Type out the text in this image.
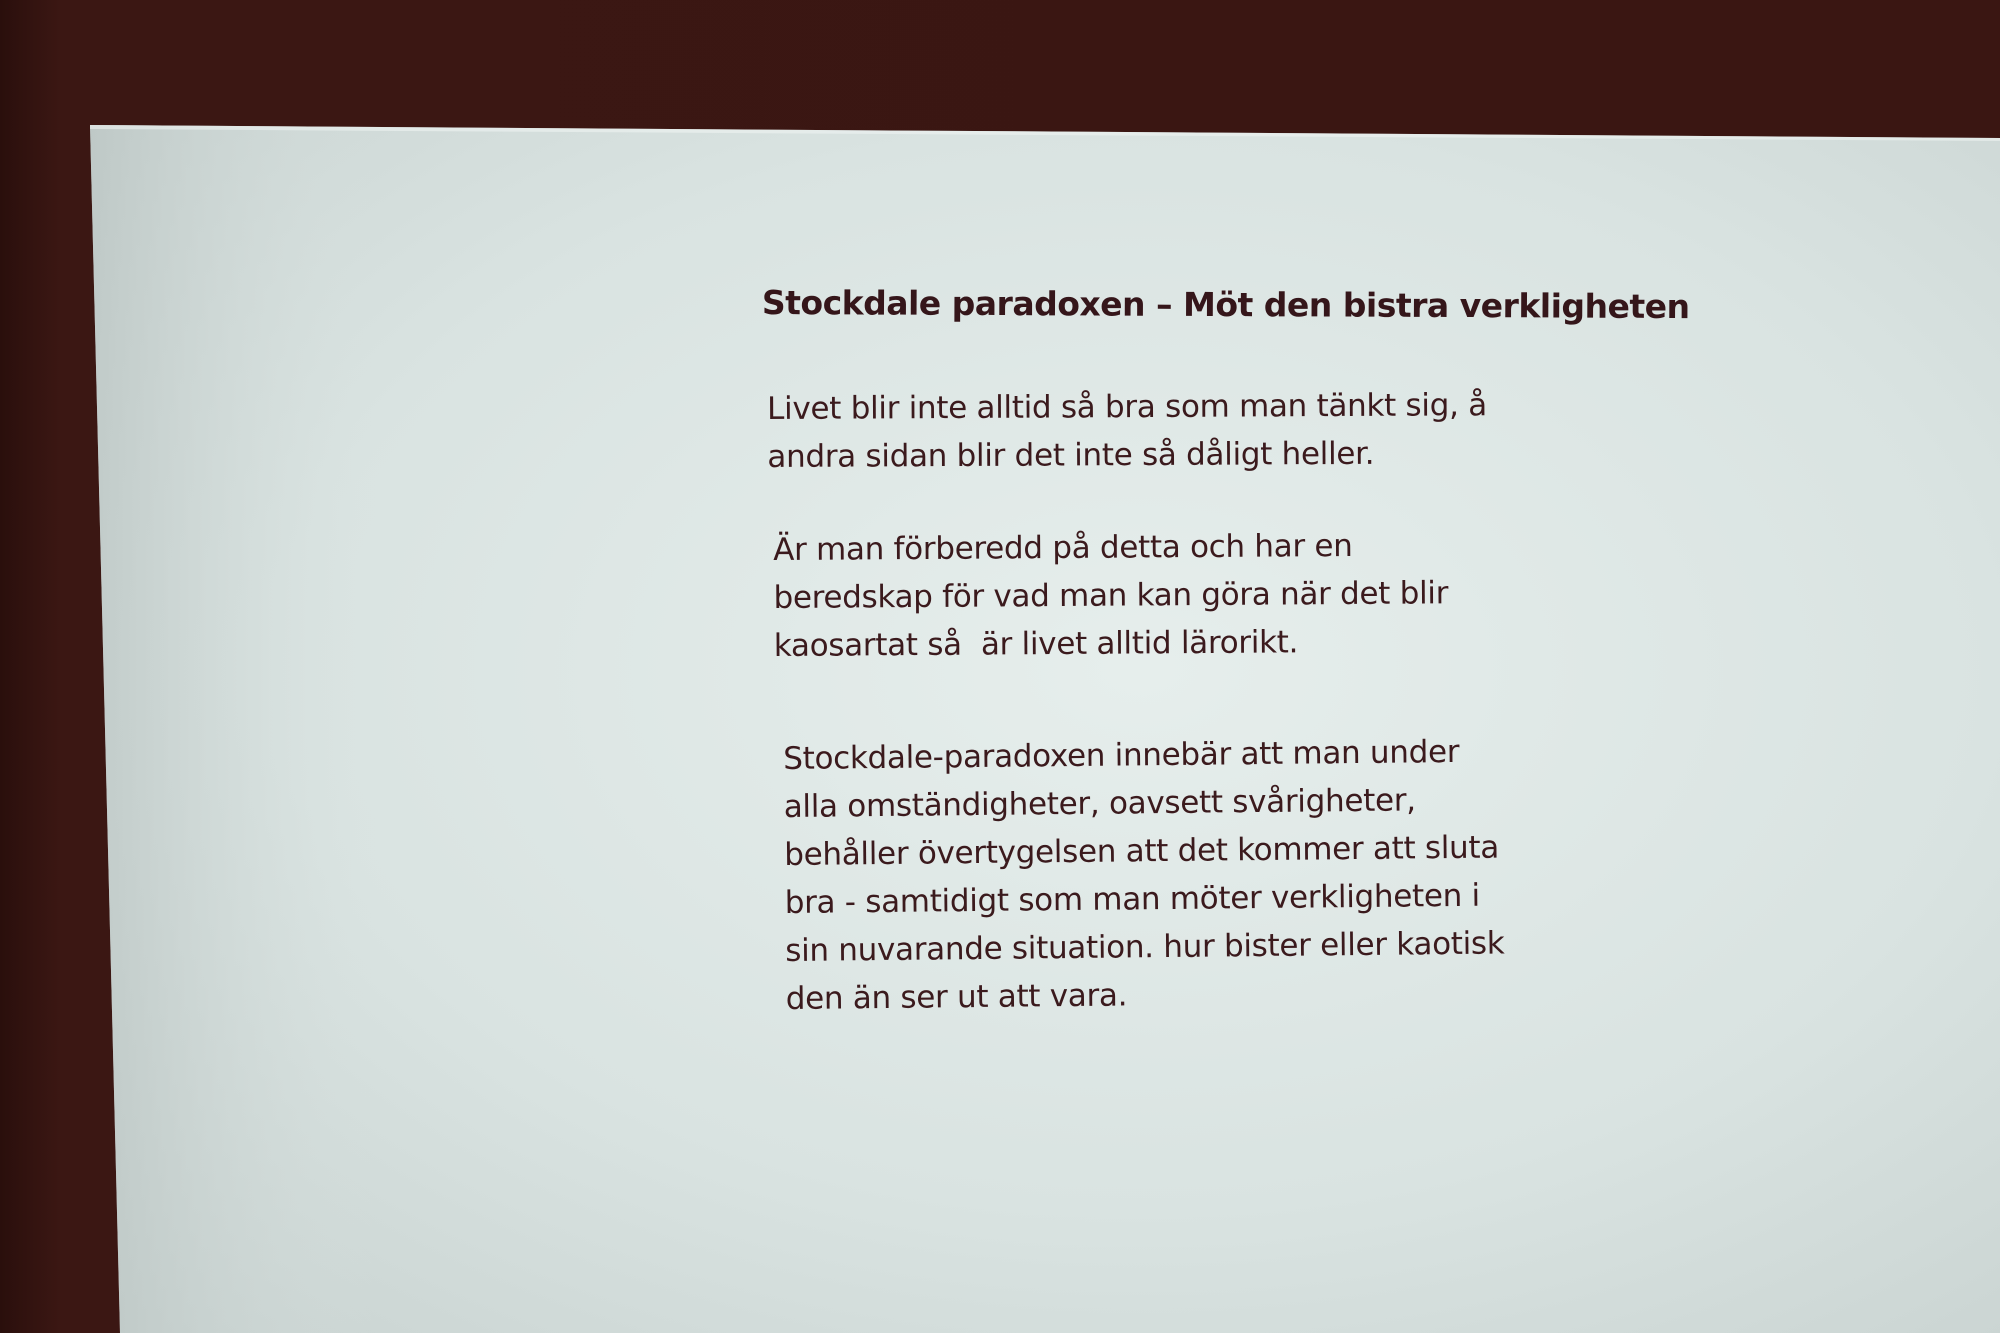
Stockdale paradoxen – Möt den bistra verkligheten

Livet blir inte alltid så bra som man tänkt sig, å
andra sidan blir det inte så dåligt heller.

Är man förberedd på detta och har en
beredskap för vad man kan göra när det blir
kaosartat så  är livet alltid lärorikt.

Stockdale-paradoxen innebär att man under
alla omständigheter, oavsett svårigheter,
behåller övertygelsen att det kommer att sluta
bra - samtidigt som man möter verkligheten i
sin nuvarande situation. hur bister eller kaotisk
den än ser ut att vara.
